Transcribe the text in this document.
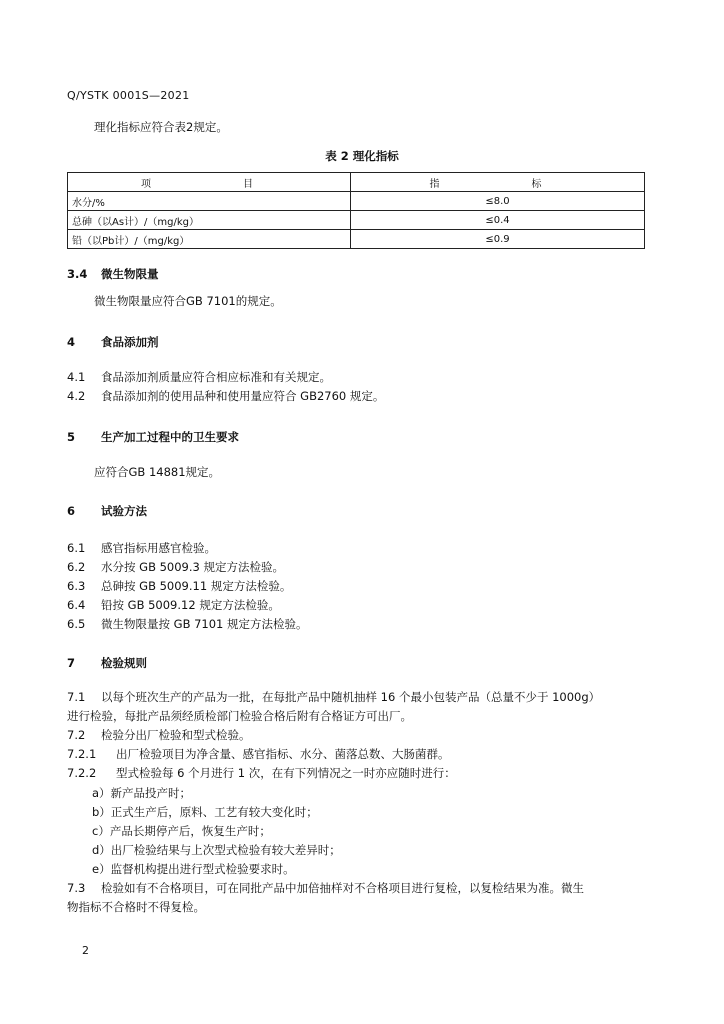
Q/YSTK 0001S—2021
理化指标应符合表2规定。
表 2 理化指标
项　　目	指　　标
水分/%	≤8.0
总砷（以As计）/（mg/kg）	≤0.4
铅（以Pb计）/（mg/kg）	≤0.9
3.4 微生物限量
微生物限量应符合GB 7101的规定。
4 食品添加剂
4.1 食品添加剂质量应符合相应标准和有关规定。
4.2 食品添加剂的使用品种和使用量应符合 GB2760 规定。
5 生产加工过程中的卫生要求
应符合GB 14881规定。
6 试验方法
6.1 感官指标用感官检验。
6.2 水分按 GB 5009.3 规定方法检验。
6.3 总砷按 GB 5009.11 规定方法检验。
6.4 铅按 GB 5009.12 规定方法检验。
6.5 微生物限量按 GB 7101 规定方法检验。
7 检验规则
7.1 以每个班次生产的产品为一批，在每批产品中随机抽样 16 个最小包装产品（总量不少于 1000g）
进行检验，每批产品须经质检部门检验合格后附有合格证方可出厂。
7.2 检验分出厂检验和型式检验。
7.2.1 出厂检验项目为净含量、感官指标、水分、菌落总数、大肠菌群。
7.2.2 型式检验每 6 个月进行 1 次，在有下列情况之一时亦应随时进行：
a）新产品投产时；
b）正式生产后，原料、工艺有较大变化时；
c）产品长期停产后，恢复生产时；
d）出厂检验结果与上次型式检验有较大差异时；
e）监督机构提出进行型式检验要求时。
7.3 检验如有不合格项目，可在同批产品中加倍抽样对不合格项目进行复检，以复检结果为准。微生
物指标不合格时不得复检。
2
